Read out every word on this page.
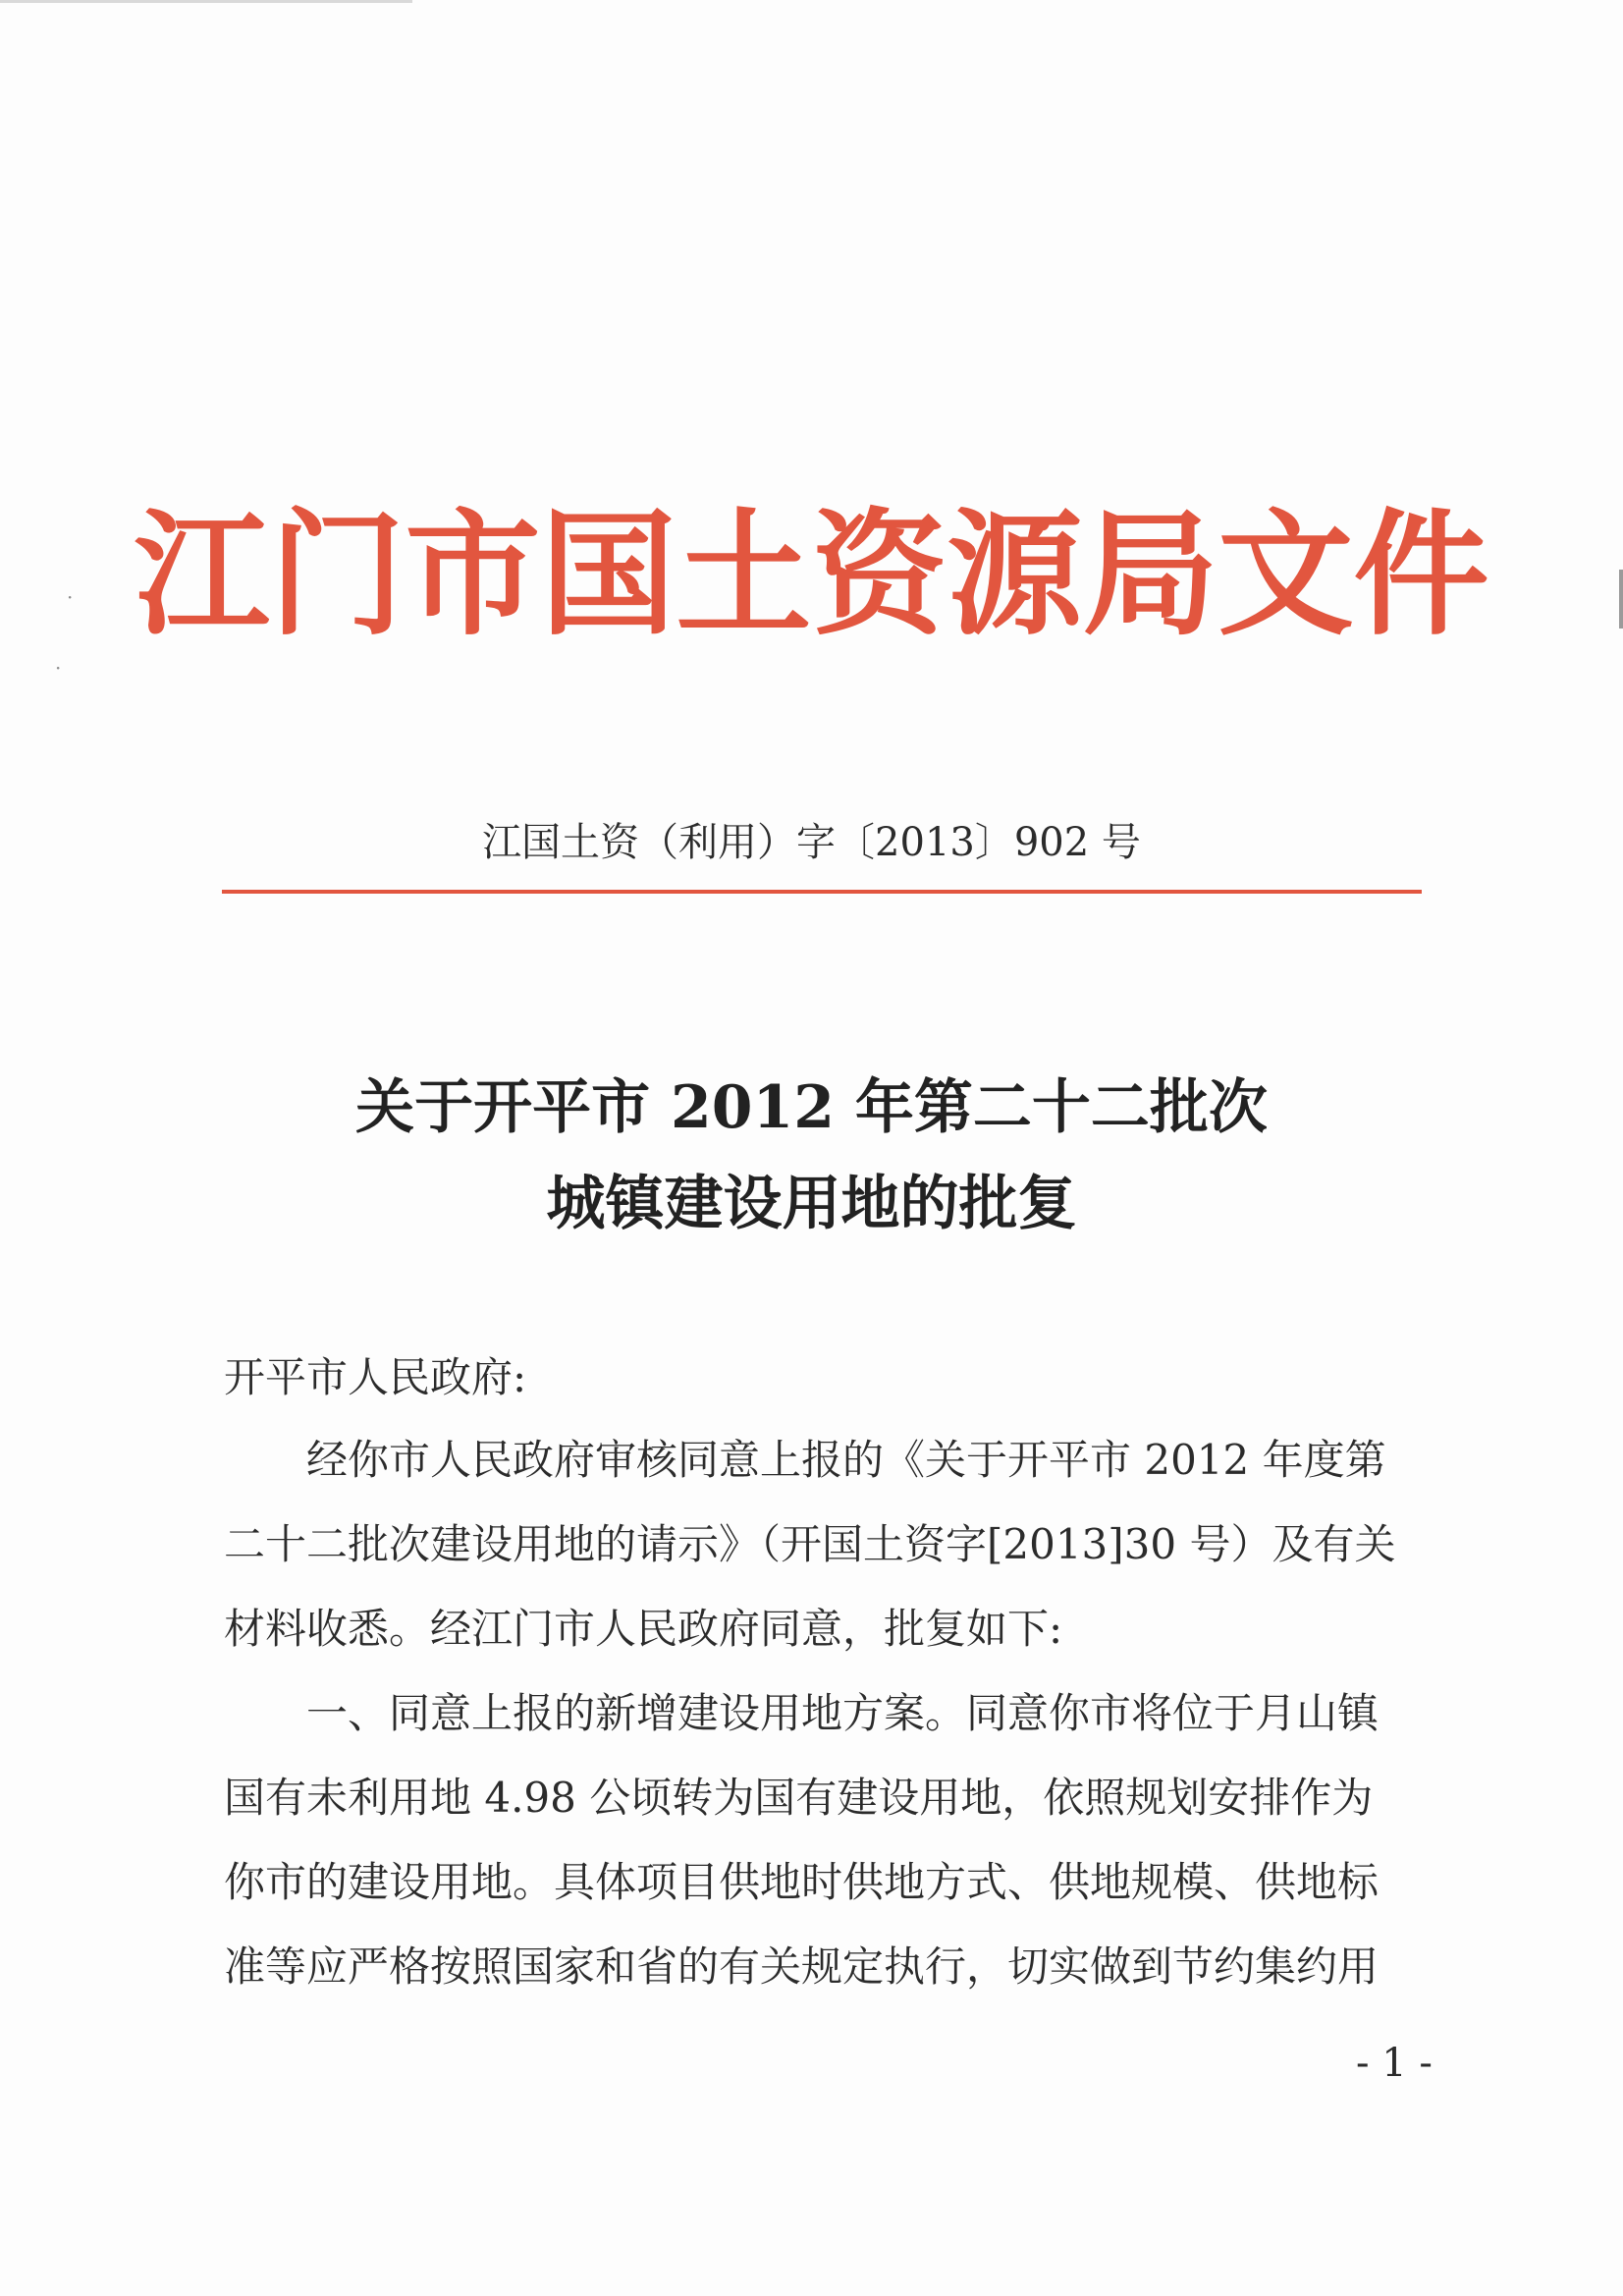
·
·
江门市国土资源局文件
江国土资（利用）字〔2013〕902 号
关于开平市 2012 年第二十二批次
城镇建设用地的批复
开平市人民政府:
　　经你市人民政府审核同意上报的《关于开平市 2012 年度第
二十二批次建设用地的请示》（开国土资字[2013]30 号）及有关
材料收悉。经江门市人民政府同意，批复如下:
　　一、同意上报的新增建设用地方案。同意你市将位于月山镇
国有未利用地 4.98 公顷转为国有建设用地，依照规划安排作为
你市的建设用地。具体项目供地时供地方式、供地规模、供地标
准等应严格按照国家和省的有关规定执行，切实做到节约集约用
- 1 -
